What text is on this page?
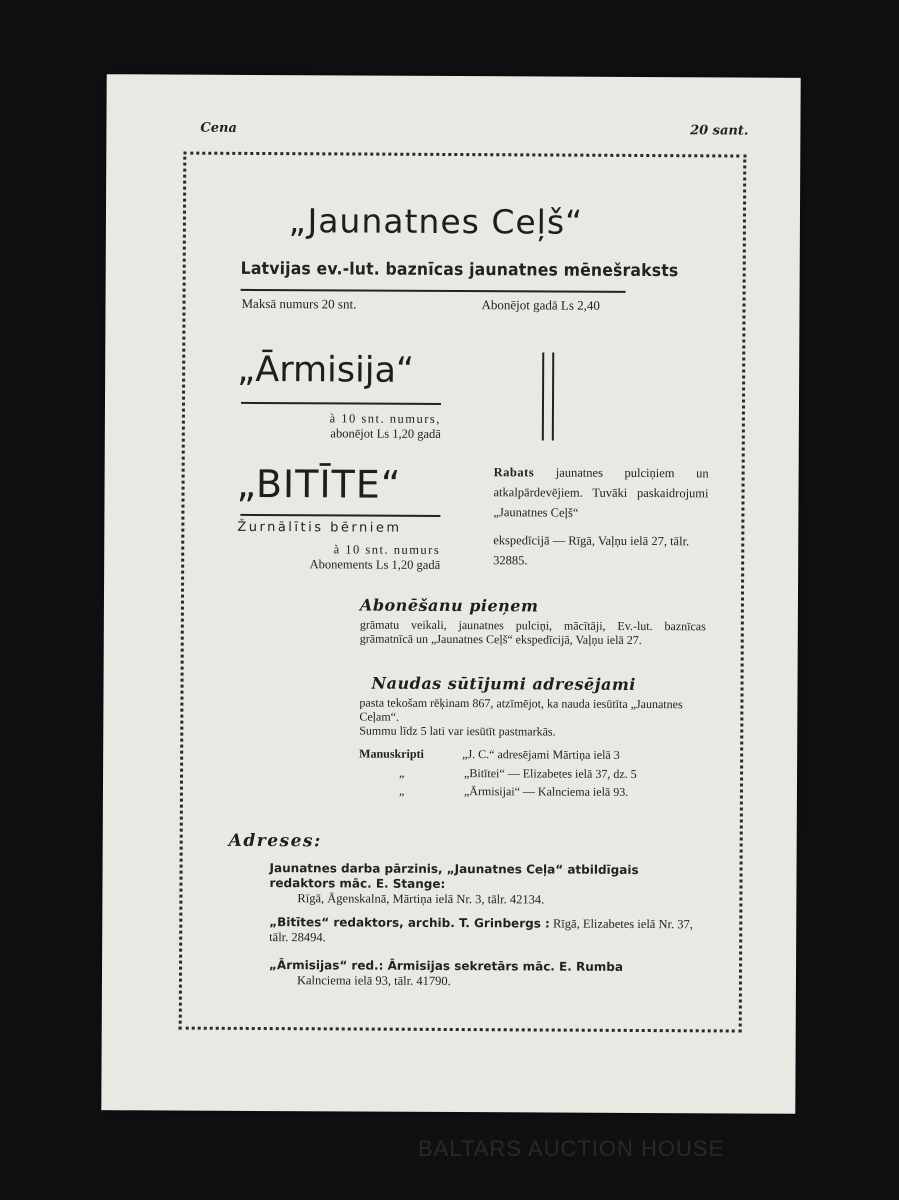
Cena	20 sant.
„Jaunatnes Ceļš“
Latvijas ev.-lut. baznīcas jaunatnes mēnešraksts
Maksā numurs 20 snt.	Abonējot gadā Ls 2,40
„Ārmisija“
à 10 snt. numurs,
abonējot Ls 1,20 gadā
„BITĪTE“
Žurnālītis bērniem
à 10 snt. numurs
Abonements Ls 1,20 gadā
Rabats jaunatnes pulciņiem un atkalpārdevējiem. Tuvāki paskaidrojumi „Jaunatnes Ceļš“
ekspedīcijā — Rīgā, Vaļņu ielā 27, tālr. 32885.
Abonēšanu pieņem
grāmatu veikali, jaunatnes pulciņi, mācītāji, Ev.-lut. baznīcas grāmatnīcā un „Jaunatnes Ceļš“ ekspedīcijā, Vaļņu ielā 27.
Naudas sūtījumi adresējami
pasta tekošam rēķinam 867, atzīmējot, ka nauda iesūtīta „Jaunatnes Ceļam“.
Summu līdz 5 lati var iesūtīt pastmarkās.
Manuskripti	„J. C.“ adresējami Mārtiņa ielā 3
„	„Bitītei“ — Elizabetes ielā 37, dz. 5
„	„Ārmisijai“ — Kalnciema ielā 93.
Adreses:
Jaunatnes darba pārzinis, „Jaunatnes Ceļa“ atbildīgais redaktors māc. E. Stange:
Rīgā, Āgenskalnā, Mārtiņa ielā Nr. 3, tālr. 42134.
„Bitītes“ redaktors, archib. T. Grinbergs : Rīgā, Elizabetes ielā Nr. 37, tālr. 28494.
„Ārmisijas“ red.: Ārmisijas sekretārs māc. E. Rumba
Kalnciema ielā 93, tālr. 41790.
BALTARS AUCTION HOUSE
